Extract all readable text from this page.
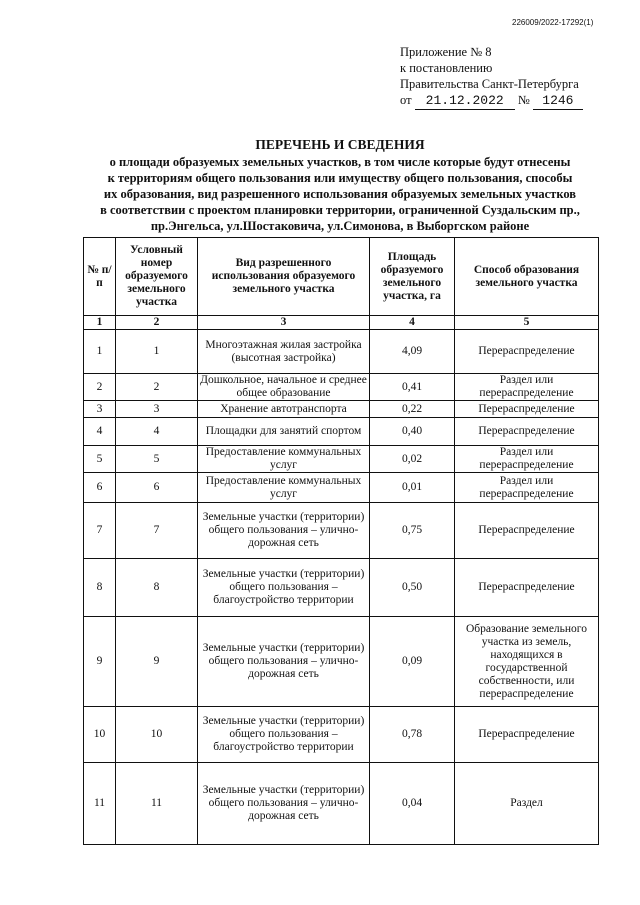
226009/2022-17292(1)
Приложение № 8
к постановлению
Правительства Санкт-Петербурга
от 21.12.2022 № 1246
ПЕРЕЧЕНЬ И СВЕДЕНИЯ
о площади образуемых земельных участков, в том числе которые будут отнесены
к территориям общего пользования или имуществу общего пользования, способы
их образования, вид разрешенного использования образуемых земельных участков
в соответствии с проектом планировки территории, ограниченной Суздальским пр.,
пр.Энгельса, ул.Шостаковича, ул.Симонова, в Выборгском районе
№ п/п	Условный номер образуемого земельного участка	Вид разрешенного использования образуемого земельного участка	Площадь образуемого земельного участка, га	Способ образования земельного участка
1	2	3	4	5
1	1	Многоэтажная жилая застройка (высотная застройка)	4,09	Перераспределение
2	2	Дошкольное, начальное и среднее общее образование	0,41	Раздел или перераспределение
3	3	Хранение автотранспорта	0,22	Перераспределение
4	4	Площадки для занятий спортом	0,40	Перераспределение
5	5	Предоставление коммунальных услуг	0,02	Раздел или перераспределение
6	6	Предоставление коммунальных услуг	0,01	Раздел или перераспределение
7	7	Земельные участки (территории) общего пользования – улично-дорожная сеть	0,75	Перераспределение
8	8	Земельные участки (территории) общего пользования – благоустройство территории	0,50	Перераспределение
9	9	Земельные участки (территории) общего пользования – улично-дорожная сеть	0,09	Образование земельного участка из земель, находящихся в государственной собственности, или перераспределение
10	10	Земельные участки (территории) общего пользования – благоустройство территории	0,78	Перераспределение
11	11	Земельные участки (территории) общего пользования – улично-дорожная сеть	0,04	Раздел
